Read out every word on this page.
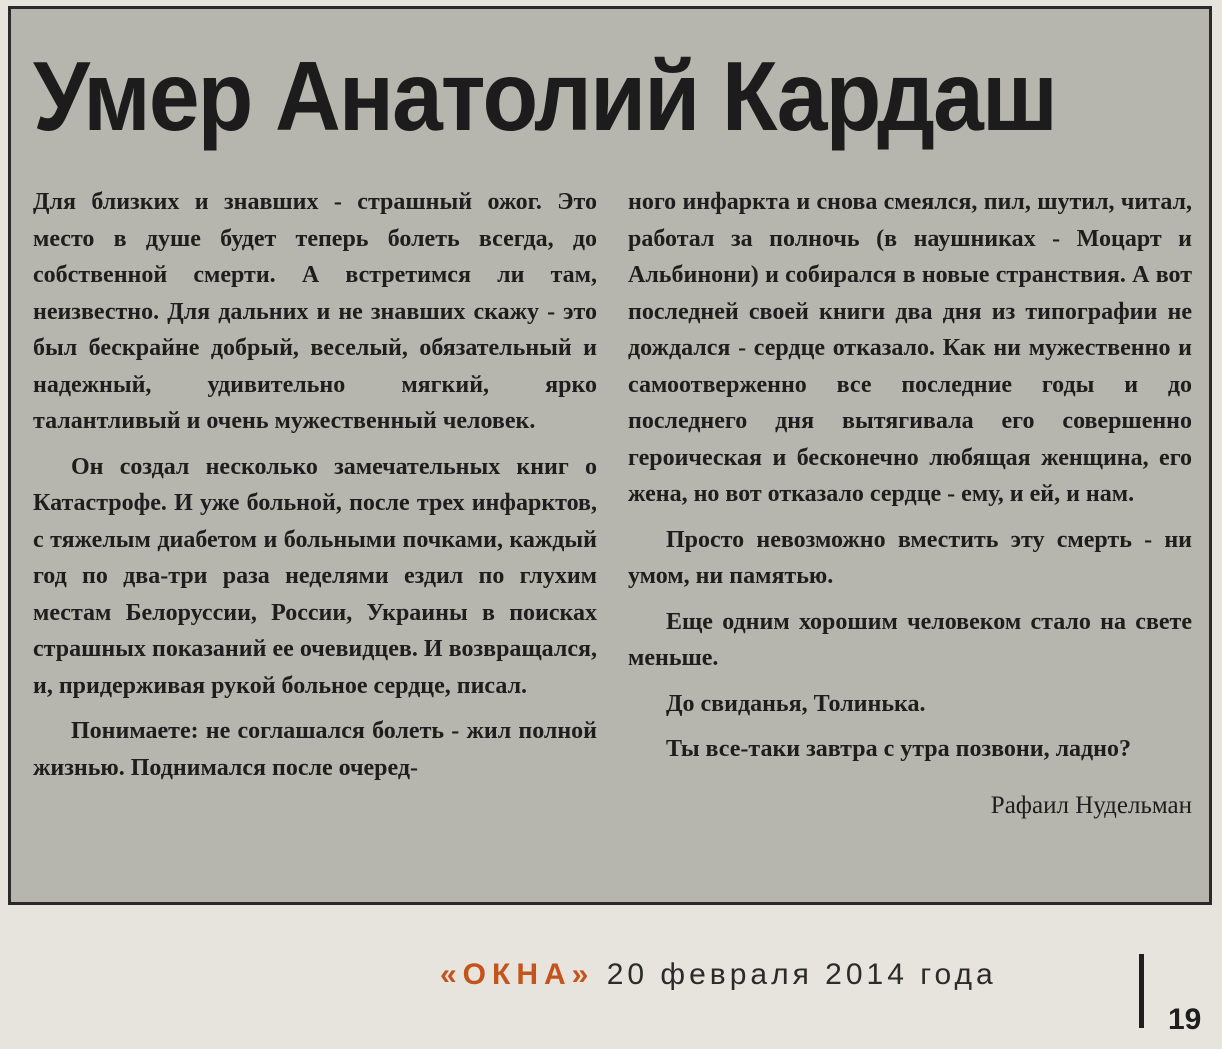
Умер Анатолий Кардаш

Для близких и знавших - страшный ожог. Это место в душе будет теперь болеть всегда, до собственной смерти. А встретимся ли там, неизвестно. Для дальних и не знавших скажу - это был бескрайне добрый, веселый, обязательный и надежный, удивительно мягкий, ярко талантливый и очень мужественный человек.

Он создал несколько замечательных книг о Катастрофе. И уже больной, после трех инфарктов, с тяжелым диабетом и больными почками, каждый год по два-три раза неделями ездил по глухим местам Белоруссии, России, Украины в поисках страшных показаний ее очевидцев. И возвращался, и, придерживая рукой больное сердце, писал.

Понимаете: не соглашался болеть - жил полной жизнью. Поднимался после очеред-

ного инфаркта и снова смеялся, пил, шутил, читал, работал за полночь (в наушниках - Моцарт и Альбинони) и собирался в новые странствия. А вот последней своей книги два дня из типографии не дождался - сердце отказало. Как ни мужественно и самоотверженно все последние годы и до последнего дня вытягивала его совершенно героическая и бесконечно любящая женщина, его жена, но вот отказало сердце - ему, и ей, и нам.

Просто невозможно вместить эту смерть - ни умом, ни памятью.

Еще одним хорошим человеком стало на свете меньше.

До свиданья, Толинька.

Ты все-таки завтра с утра позвони, ладно?

Рафаил Нудельман

«ОКНА» 20 февраля 2014 года
19
